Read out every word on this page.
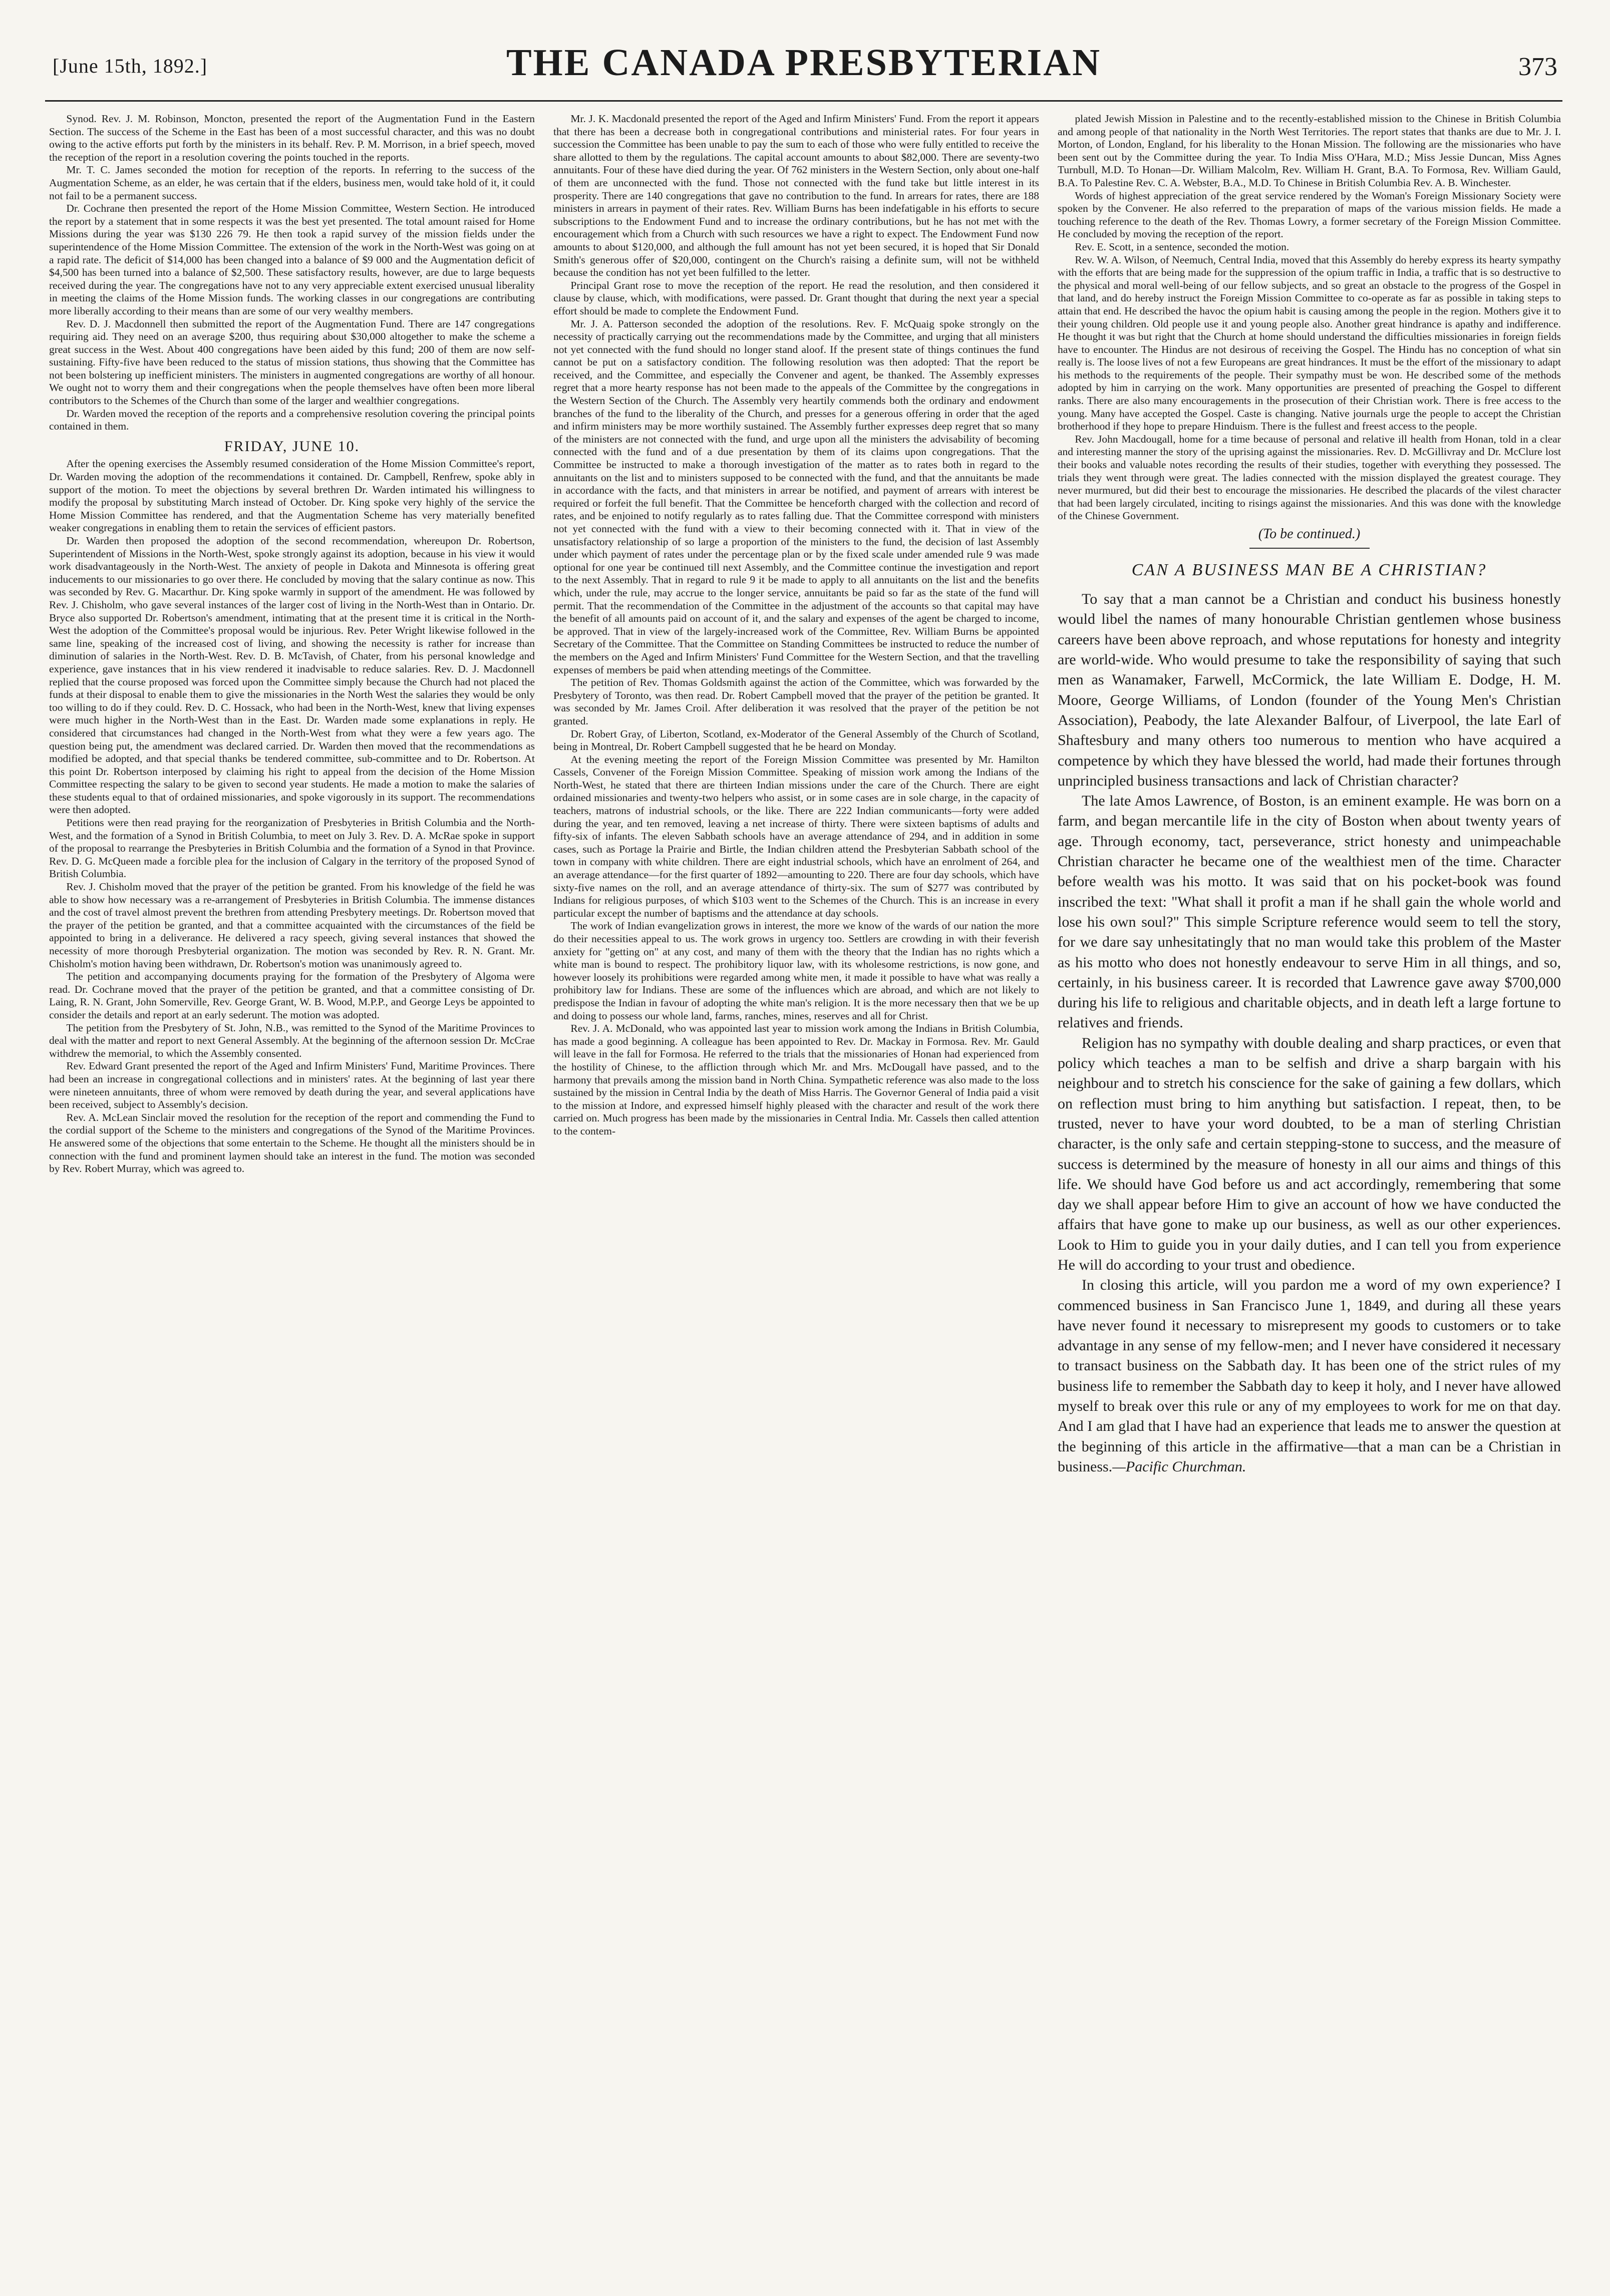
[June 15th, 1892.]	THE CANADA PRESBYTERIAN	373

Synod. Rev. J. M. Robinson, Moncton, presented the report of the Augmentation Fund in the Eastern Section. The success of the Scheme in the East has been of a most successful character, and this was no doubt owing to the active efforts put forth by the ministers in its behalf. Rev. P. M. Morrison, in a brief speech, moved the reception of the report in a resolution covering the points touched in the reports.

Mr. T. C. James seconded the motion for reception of the reports. In referring to the success of the Augmentation Scheme, as an elder, he was certain that if the elders, business men, would take hold of it, it could not fail to be a permanent success.

Dr. Cochrane then presented the report of the Home Mission Committee, Western Section. He introduced the report by a statement that in some respects it was the best yet presented. The total amount raised for Home Missions during the year was $130 226 79. He then took a rapid survey of the mission fields under the superintendence of the Home Mission Committee. The extension of the work in the North-West was going on at a rapid rate. The deficit of $14,000 has been changed into a balance of $9 000 and the Augmentation deficit of $4,500 has been turned into a balance of $2,500. These satisfactory results, however, are due to large bequests received during the year. The congregations have not to any very appreciable extent exercised unusual liberality in meeting the claims of the Home Mission funds. The working classes in our congregations are contributing more liberally according to their means than are some of our very wealthy members.

Rev. D. J. Macdonnell then submitted the report of the Augmentation Fund. There are 147 congregations requiring aid. They need on an average $200, thus requiring about $30,000 altogether to make the scheme a great success in the West. About 400 congregations have been aided by this fund; 200 of them are now self-sustaining. Fifty-five have been reduced to the status of mission stations, thus showing that the Committee has not been bolstering up inefficient ministers. The ministers in augmented congregations are worthy of all honour. We ought not to worry them and their congregations when the people themselves have often been more liberal contributors to the Schemes of the Church than some of the larger and wealthier congregations.

Dr. Warden moved the reception of the reports and a comprehensive resolution covering the principal points contained in them.

FRIDAY, JUNE 10.

After the opening exercises the Assembly resumed consideration of the Home Mission Committee's report, Dr. Warden moving the adoption of the recommendations it contained. Dr. Campbell, Renfrew, spoke ably in support of the motion. To meet the objections by several brethren Dr. Warden intimated his willingness to modify the proposal by substituting March instead of October. Dr. King spoke very highly of the service the Home Mission Committee has rendered, and that the Augmentation Scheme has very materially benefited weaker congregations in enabling them to retain the services of efficient pastors.

Dr. Warden then proposed the adoption of the second recommendation, whereupon Dr. Robertson, Superintendent of Missions in the North-West, spoke strongly against its adoption, because in his view it would work disadvantageously in the North-West. The anxiety of people in Dakota and Minnesota is offering great inducements to our missionaries to go over there. He concluded by moving that the salary continue as now. This was seconded by Rev. G. Macarthur. Dr. King spoke warmly in support of the amendment. He was followed by Rev. J. Chisholm, who gave several instances of the larger cost of living in the North-West than in Ontario. Dr. Bryce also supported Dr. Robertson's amendment, intimating that at the present time it is critical in the North-West the adoption of the Committee's proposal would be injurious. Rev. Peter Wright likewise followed in the same line, speaking of the increased cost of living, and showing the necessity is rather for increase than diminution of salaries in the North-West. Rev. D. B. McTavish, of Chater, from his personal knowledge and experience, gave instances that in his view rendered it inadvisable to reduce salaries. Rev. D. J. Macdonnell replied that the course proposed was forced upon the Committee simply because the Church had not placed the funds at their disposal to enable them to give the missionaries in the North West the salaries they would be only too willing to do if they could. Rev. D. C. Hossack, who had been in the North-West, knew that living expenses were much higher in the North-West than in the East. Dr. Warden made some explanations in reply. He considered that circumstances had changed in the North-West from what they were a few years ago. The question being put, the amendment was declared carried. Dr. Warden then moved that the recommendations as modified be adopted, and that special thanks be tendered committee, sub-committee and to Dr. Robertson. At this point Dr. Robertson interposed by claiming his right to appeal from the decision of the Home Mission Committee respecting the salary to be given to second year students. He made a motion to make the salaries of these students equal to that of ordained missionaries, and spoke vigorously in its support. The recommendations were then adopted.

Petitions were then read praying for the reorganization of Presbyteries in British Columbia and the North-West, and the formation of a Synod in British Columbia, to meet on July 3. Rev. D. A. McRae spoke in support of the proposal to rearrange the Presbyteries in British Columbia and the formation of a Synod in that Province. Rev. D. G. McQueen made a forcible plea for the inclusion of Calgary in the territory of the proposed Synod of British Columbia.

Rev. J. Chisholm moved that the prayer of the petition be granted. From his knowledge of the field he was able to show how necessary was a re-arrangement of Presbyteries in British Columbia. The immense distances and the cost of travel almost prevent the brethren from attending Presbytery meetings. Dr. Robertson moved that the prayer of the petition be granted, and that a committee acquainted with the circumstances of the field be appointed to bring in a deliverance. He delivered a racy speech, giving several instances that showed the necessity of more thorough Presbyterial organization. The motion was seconded by Rev. R. N. Grant. Mr. Chisholm's motion having been withdrawn, Dr. Robertson's motion was unanimously agreed to.

The petition and accompanying documents praying for the formation of the Presbytery of Algoma were read. Dr. Cochrane moved that the prayer of the petition be granted, and that a committee consisting of Dr. Laing, R. N. Grant, John Somerville, Rev. George Grant, W. B. Wood, M.P.P., and George Leys be appointed to consider the details and report at an early sederunt. The motion was adopted.

The petition from the Presbytery of St. John, N.B., was remitted to the Synod of the Maritime Provinces to deal with the matter and report to next General Assembly. At the beginning of the afternoon session Dr. McCrae withdrew the memorial, to which the Assembly consented.

Rev. Edward Grant presented the report of the Aged and Infirm Ministers' Fund, Maritime Provinces. There had been an increase in congregational collections and in ministers' rates. At the beginning of last year there were nineteen annuitants, three of whom were removed by death during the year, and several applications have been received, subject to Assembly's decision.

Rev. A. McLean Sinclair moved the resolution for the reception of the report and commending the Fund to the cordial support of the Scheme to the ministers and congregations of the Synod of the Maritime Provinces. He answered some of the objections that some entertain to the Scheme. He thought all the ministers should be in connection with the fund and prominent laymen should take an interest in the fund. The motion was seconded by Rev. Robert Murray, which was agreed to.

Mr. J. K. Macdonald presented the report of the Aged and Infirm Ministers' Fund. From the report it appears that there has been a decrease both in congregational contributions and ministerial rates. For four years in succession the Committee has been unable to pay the sum to each of those who were fully entitled to receive the share allotted to them by the regulations. The capital account amounts to about $82,000. There are seventy-two annuitants. Four of these have died during the year. Of 762 ministers in the Western Section, only about one-half of them are unconnected with the fund. Those not connected with the fund take but little interest in its prosperity. There are 140 congregations that gave no contribution to the fund. In arrears for rates, there are 188 ministers in arrears in payment of their rates. Rev. William Burns has been indefatigable in his efforts to secure subscriptions to the Endowment Fund and to increase the ordinary contributions, but he has not met with the encouragement which from a Church with such resources we have a right to expect. The Endowment Fund now amounts to about $120,000, and although the full amount has not yet been secured, it is hoped that Sir Donald Smith's generous offer of $20,000, contingent on the Church's raising a definite sum, will not be withheld because the condition has not yet been fulfilled to the letter.

Principal Grant rose to move the reception of the report. He read the resolution, and then considered it clause by clause, which, with modifications, were passed. Dr. Grant thought that during the next year a special effort should be made to complete the Endowment Fund.

Mr. J. A. Patterson seconded the adoption of the resolutions. Rev. F. McQuaig spoke strongly on the necessity of practically carrying out the recommendations made by the Committee, and urging that all ministers not yet connected with the fund should no longer stand aloof. If the present state of things continues the fund cannot be put on a satisfactory condition. The following resolution was then adopted: That the report be received, and the Committee, and especially the Convener and agent, be thanked. The Assembly expresses regret that a more hearty response has not been made to the appeals of the Committee by the congregations in the Western Section of the Church. The Assembly very heartily commends both the ordinary and endowment branches of the fund to the liberality of the Church, and presses for a generous offering in order that the aged and infirm ministers may be more worthily sustained. The Assembly further expresses deep regret that so many of the ministers are not connected with the fund, and urge upon all the ministers the advisability of becoming connected with the fund and of a due presentation by them of its claims upon congregations. That the Committee be instructed to make a thorough investigation of the matter as to rates both in regard to the annuitants on the list and to ministers supposed to be connected with the fund, and that the annuitants be made in accordance with the facts, and that ministers in arrear be notified, and payment of arrears with interest be required or forfeit the full benefit. That the Committee be henceforth charged with the collection and record of rates, and be enjoined to notify regularly as to rates falling due. That the Committee correspond with ministers not yet connected with the fund with a view to their becoming connected with it. That in view of the unsatisfactory relationship of so large a proportion of the ministers to the fund, the decision of last Assembly under which payment of rates under the percentage plan or by the fixed scale under amended rule 9 was made optional for one year be continued till next Assembly, and the Committee continue the investigation and report to the next Assembly. That in regard to rule 9 it be made to apply to all annuitants on the list and the benefits which, under the rule, may accrue to the longer service, annuitants be paid so far as the state of the fund will permit. That the recommendation of the Committee in the adjustment of the accounts so that capital may have the benefit of all amounts paid on account of it, and the salary and expenses of the agent be charged to income, be approved. That in view of the largely-increased work of the Committee, Rev. William Burns be appointed Secretary of the Committee. That the Committee on Standing Committees be instructed to reduce the number of the members on the Aged and Infirm Ministers' Fund Committee for the Western Section, and that the travelling expenses of members be paid when attending meetings of the Committee.

The petition of Rev. Thomas Goldsmith against the action of the Committee, which was forwarded by the Presbytery of Toronto, was then read. Dr. Robert Campbell moved that the prayer of the petition be granted. It was seconded by Mr. James Croil. After deliberation it was resolved that the prayer of the petition be not granted.

Dr. Robert Gray, of Liberton, Scotland, ex-Moderator of the General Assembly of the Church of Scotland, being in Montreal, Dr. Robert Campbell suggested that he be heard on Monday.

At the evening meeting the report of the Foreign Mission Committee was presented by Mr. Hamilton Cassels, Convener of the Foreign Mission Committee. Speaking of mission work among the Indians of the North-West, he stated that there are thirteen Indian missions under the care of the Church. There are eight ordained missionaries and twenty-two helpers who assist, or in some cases are in sole charge, in the capacity of teachers, matrons of industrial schools, or the like. There are 222 Indian communicants—forty were added during the year, and ten removed, leaving a net increase of thirty. There were sixteen baptisms of adults and fifty-six of infants. The eleven Sabbath schools have an average attendance of 294, and in addition in some cases, such as Portage la Prairie and Birtle, the Indian children attend the Presbyterian Sabbath school of the town in company with white children. There are eight industrial schools, which have an enrolment of 264, and an average attendance—for the first quarter of 1892—amounting to 220. There are four day schools, which have sixty-five names on the roll, and an average attendance of thirty-six. The sum of $277 was contributed by Indians for religious purposes, of which $103 went to the Schemes of the Church. This is an increase in every particular except the number of baptisms and the attendance at day schools.

The work of Indian evangelization grows in interest, the more we know of the wards of our nation the more do their necessities appeal to us. The work grows in urgency too. Settlers are crowding in with their feverish anxiety for "getting on" at any cost, and many of them with the theory that the Indian has no rights which a white man is bound to respect. The prohibitory liquor law, with its wholesome restrictions, is now gone, and however loosely its prohibitions were regarded among white men, it made it possible to have what was really a prohibitory law for Indians. These are some of the influences which are abroad, and which are not likely to predispose the Indian in favour of adopting the white man's religion. It is the more necessary then that we be up and doing to possess our whole land, farms, ranches, mines, reserves and all for Christ.

Rev. J. A. McDonald, who was appointed last year to mission work among the Indians in British Columbia, has made a good beginning. A colleague has been appointed to Rev. Dr. Mackay in Formosa. Rev. Mr. Gauld will leave in the fall for Formosa. He referred to the trials that the missionaries of Honan had experienced from the hostility of Chinese, to the affliction through which Mr. and Mrs. McDougall have passed, and to the harmony that prevails among the mission band in North China. Sympathetic reference was also made to the loss sustained by the mission in Central India by the death of Miss Harris. The Governor General of India paid a visit to the mission at Indore, and expressed himself highly pleased with the character and result of the work there carried on. Much progress has been made by the missionaries in Central India. Mr. Cassels then called attention to the contem-

plated Jewish Mission in Palestine and to the recently-established mission to the Chinese in British Columbia and among people of that nationality in the North West Territories. The report states that thanks are due to Mr. J. I. Morton, of London, England, for his liberality to the Honan Mission. The following are the missionaries who have been sent out by the Committee during the year. To India Miss O'Hara, M.D.; Miss Jessie Duncan, Miss Agnes Turnbull, M.D. To Honan—Dr. William Malcolm, Rev. William H. Grant, B.A. To Formosa, Rev. William Gauld, B.A. To Palestine Rev. C. A. Webster, B.A., M.D. To Chinese in British Columbia Rev. A. B. Winchester.

Words of highest appreciation of the great service rendered by the Woman's Foreign Missionary Society were spoken by the Convener. He also referred to the preparation of maps of the various mission fields. He made a touching reference to the death of the Rev. Thomas Lowry, a former secretary of the Foreign Mission Committee. He concluded by moving the reception of the report.

Rev. E. Scott, in a sentence, seconded the motion.

Rev. W. A. Wilson, of Neemuch, Central India, moved that this Assembly do hereby express its hearty sympathy with the efforts that are being made for the suppression of the opium traffic in India, a traffic that is so destructive to the physical and moral well-being of our fellow subjects, and so great an obstacle to the progress of the Gospel in that land, and do hereby instruct the Foreign Mission Committee to co-operate as far as possible in taking steps to attain that end. He described the havoc the opium habit is causing among the people in the region. Mothers give it to their young children. Old people use it and young people also. Another great hindrance is apathy and indifference. He thought it was but right that the Church at home should understand the difficulties missionaries in foreign fields have to encounter. The Hindus are not desirous of receiving the Gospel. The Hindu has no conception of what sin really is. The loose lives of not a few Europeans are great hindrances. It must be the effort of the missionary to adapt his methods to the requirements of the people. Their sympathy must be won. He described some of the methods adopted by him in carrying on the work. Many opportunities are presented of preaching the Gospel to different ranks. There are also many encouragements in the prosecution of their Christian work. There is free access to the young. Many have accepted the Gospel. Caste is changing. Native journals urge the people to accept the Christian brotherhood if they hope to prepare Hinduism. There is the fullest and freest access to the people.

Rev. John Macdougall, home for a time because of personal and relative ill health from Honan, told in a clear and interesting manner the story of the uprising against the missionaries. Rev. D. McGillivray and Dr. McClure lost their books and valuable notes recording the results of their studies, together with everything they possessed. The trials they went through were great. The ladies connected with the mission displayed the greatest courage. They never murmured, but did their best to encourage the missionaries. He described the placards of the vilest character that had been largely circulated, inciting to risings against the missionaries. And this was done with the knowledge of the Chinese Government.

(To be continued.)

CAN A BUSINESS MAN BE A CHRISTIAN?

To say that a man cannot be a Christian and conduct his business honestly would libel the names of many honourable Christian gentlemen whose business careers have been above reproach, and whose reputations for honesty and integrity are world-wide. Who would presume to take the responsibility of saying that such men as Wanamaker, Farwell, McCormick, the late William E. Dodge, H. M. Moore, George Williams, of London (founder of the Young Men's Christian Association), Peabody, the late Alexander Balfour, of Liverpool, the late Earl of Shaftesbury and many others too numerous to mention who have acquired a competence by which they have blessed the world, had made their fortunes through unprincipled business transactions and lack of Christian character?

The late Amos Lawrence, of Boston, is an eminent example. He was born on a farm, and began mercantile life in the city of Boston when about twenty years of age. Through economy, tact, perseverance, strict honesty and unimpeachable Christian character he became one of the wealthiest men of the time. Character before wealth was his motto. It was said that on his pocket-book was found inscribed the text: "What shall it profit a man if he shall gain the whole world and lose his own soul?" This simple Scripture reference would seem to tell the story, for we dare say unhesitatingly that no man would take this problem of the Master as his motto who does not honestly endeavour to serve Him in all things, and so, certainly, in his business career. It is recorded that Lawrence gave away $700,000 during his life to religious and charitable objects, and in death left a large fortune to relatives and friends.

Religion has no sympathy with double dealing and sharp practices, or even that policy which teaches a man to be selfish and drive a sharp bargain with his neighbour and to stretch his conscience for the sake of gaining a few dollars, which on reflection must bring to him anything but satisfaction. I repeat, then, to be trusted, never to have your word doubted, to be a man of sterling Christian character, is the only safe and certain stepping-stone to success, and the measure of success is determined by the measure of honesty in all our aims and things of this life. We should have God before us and act accordingly, remembering that some day we shall appear before Him to give an account of how we have conducted the affairs that have gone to make up our business, as well as our other experiences. Look to Him to guide you in your daily duties, and I can tell you from experience He will do according to your trust and obedience.

In closing this article, will you pardon me a word of my own experience? I commenced business in San Francisco June 1, 1849, and during all these years have never found it necessary to misrepresent my goods to customers or to take advantage in any sense of my fellow-men; and I never have considered it necessary to transact business on the Sabbath day. It has been one of the strict rules of my business life to remember the Sabbath day to keep it holy, and I never have allowed myself to break over this rule or any of my employees to work for me on that day. And I am glad that I have had an experience that leads me to answer the question at the beginning of this article in the affirmative—that a man can be a Christian in business.—Pacific Churchman.
